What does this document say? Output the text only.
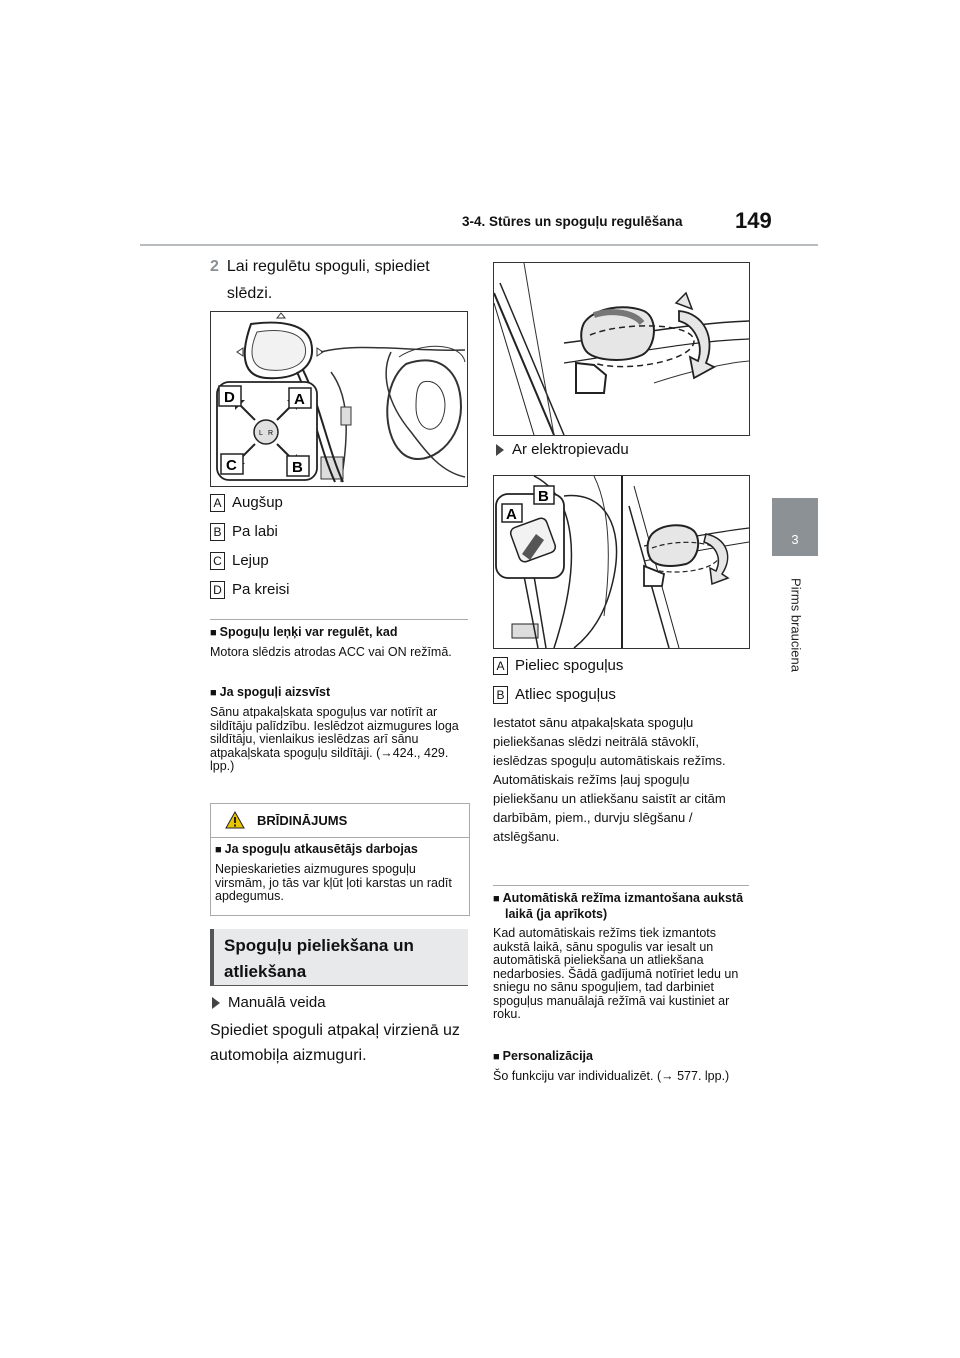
3-4. Stūres un spoguļu regulēšana 149
3
Pirms brauciena
2 Lai regulētu spoguli, spiediet slēdzi.
D	A
C	B
L R
A Augšup
B Pa labi
C Lejup
D Pa kreisi
■ Spoguļu leņķi var regulēt, kad
Motora slēdzis atrodas ACC vai ON režīmā.
■ Ja spoguļi aizsvīst
Sānu atpakaļskata spoguļus var notīrīt ar sildītāju palīdzību. Ieslēdzot aizmugures loga sildītāju, vienlaikus ieslēdzas arī sānu atpakaļskata spoguļu sildītāji. (→424., 429. lpp.)
BRĪDINĀJUMS
■ Ja spoguļu atkausētājs darbojas
Nepieskarieties aizmugures spoguļu virsmām, jo tās var kļūt ļoti karstas un radīt apdegumus.
Spoguļu pieliekšana un atliekšana
Manuālā veida
Spiediet spoguli atpakaļ virzienā uz automobiļa aizmuguri.
Ar elektropievadu
A
B
A Pieliec spoguļus
B Atliec spoguļus
Iestatot sānu atpakaļskata spoguļu pieliekšanas slēdzi neitrālā stāvoklī, ieslēdzas spoguļu automātiskais režīms. Automātiskais režīms ļauj spoguļu pieliekšanu un atliekšanu saistīt ar citām darbībām, piem., durvju slēgšanu / atslēgšanu.
■ Automātiskā režīma izmantošana aukstā laikā (ja aprīkots)
Kad automātiskais režīms tiek izmantots aukstā laikā, sānu spogulis var iesalt un automātiskā pieliekšana un atliekšana nedarbosies. Šādā gadījumā notīriet ledu un sniegu no sānu spoguļiem, tad darbiniet spoguļus manuālajā režīmā vai kustiniet ar roku.
■ Personalizācija
Šo funkciju var individualizēt. (→ 577. lpp.)
